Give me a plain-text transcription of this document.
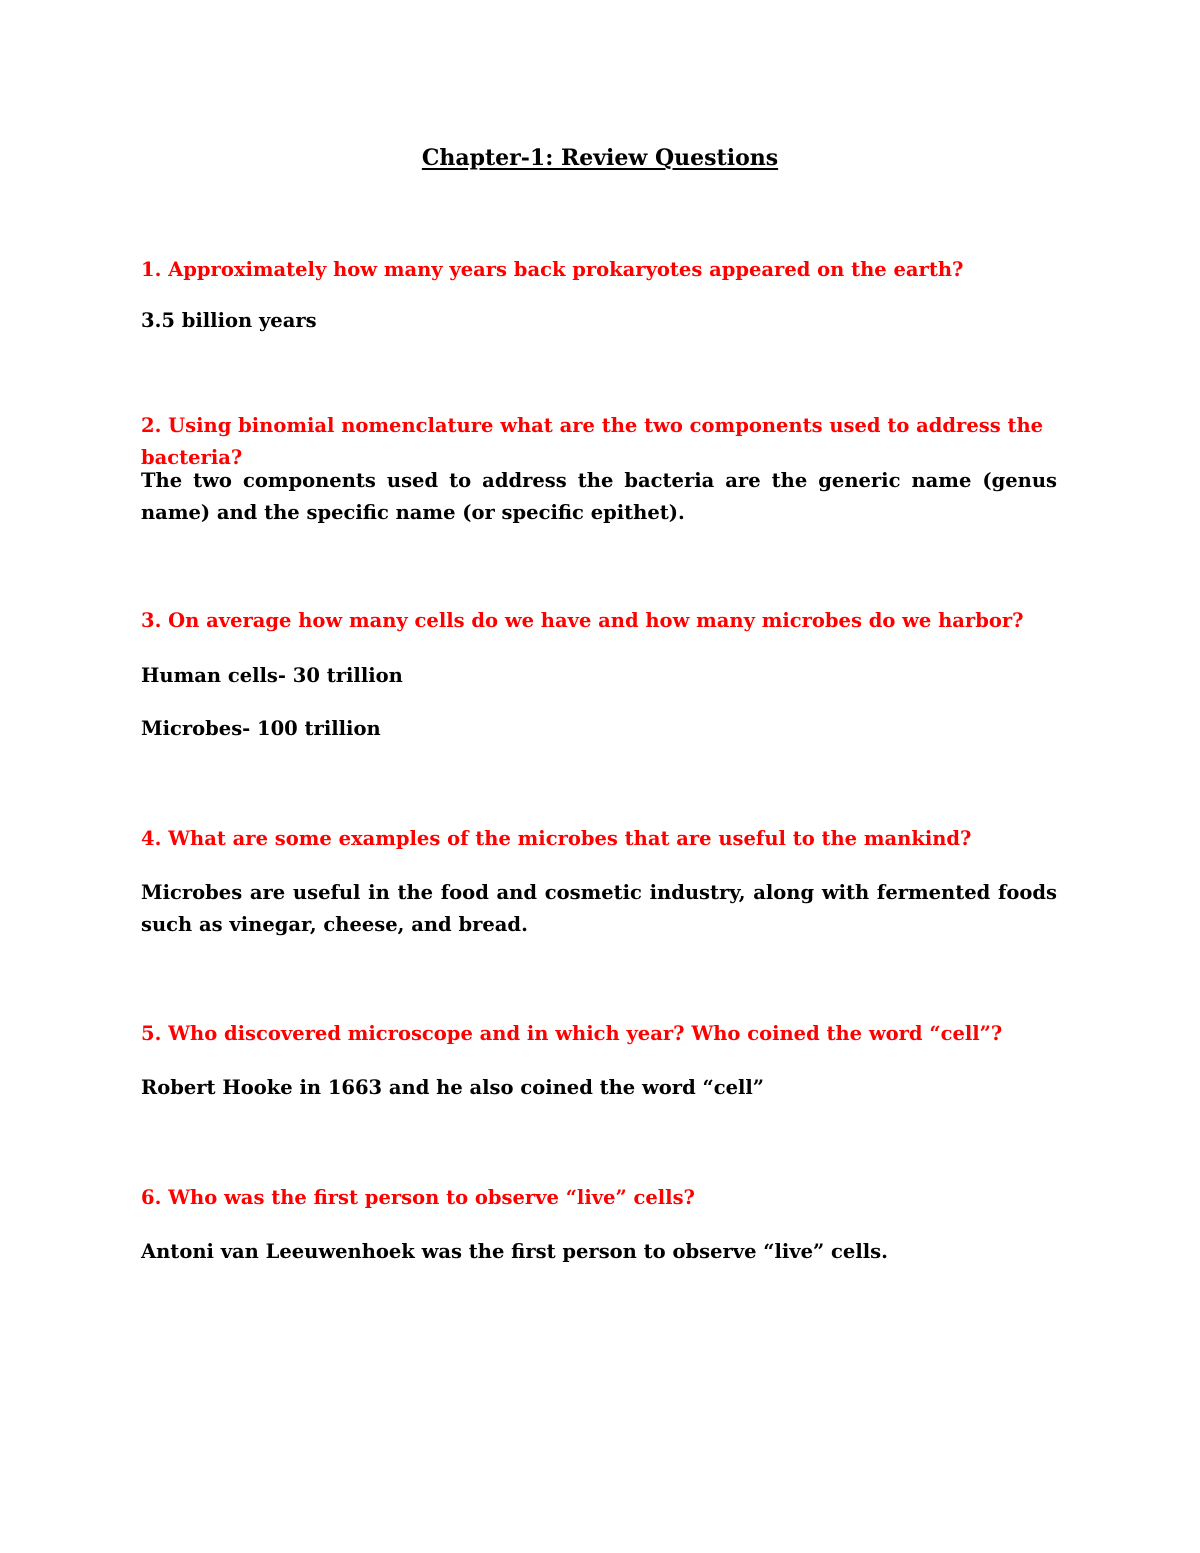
Chapter-1: Review Questions

1. Approximately how many years back prokaryotes appeared on the earth?

3.5 billion years

2. Using binomial nomenclature what are the two components used to address the bacteria?

The two components used to address the bacteria are the generic name (genus name) and the specific name (or specific epithet).

3. On average how many cells do we have and how many microbes do we harbor?

Human cells- 30 trillion

Microbes- 100 trillion

4. What are some examples of the microbes that are useful to the mankind?

Microbes are useful in the food and cosmetic industry, along with fermented foods such as vinegar, cheese, and bread.

5. Who discovered microscope and in which year? Who coined the word “cell”?

Robert Hooke in 1663 and he also coined the word “cell”

6. Who was the first person to observe “live” cells?

Antoni van Leeuwenhoek was the first person to observe “live” cells.
